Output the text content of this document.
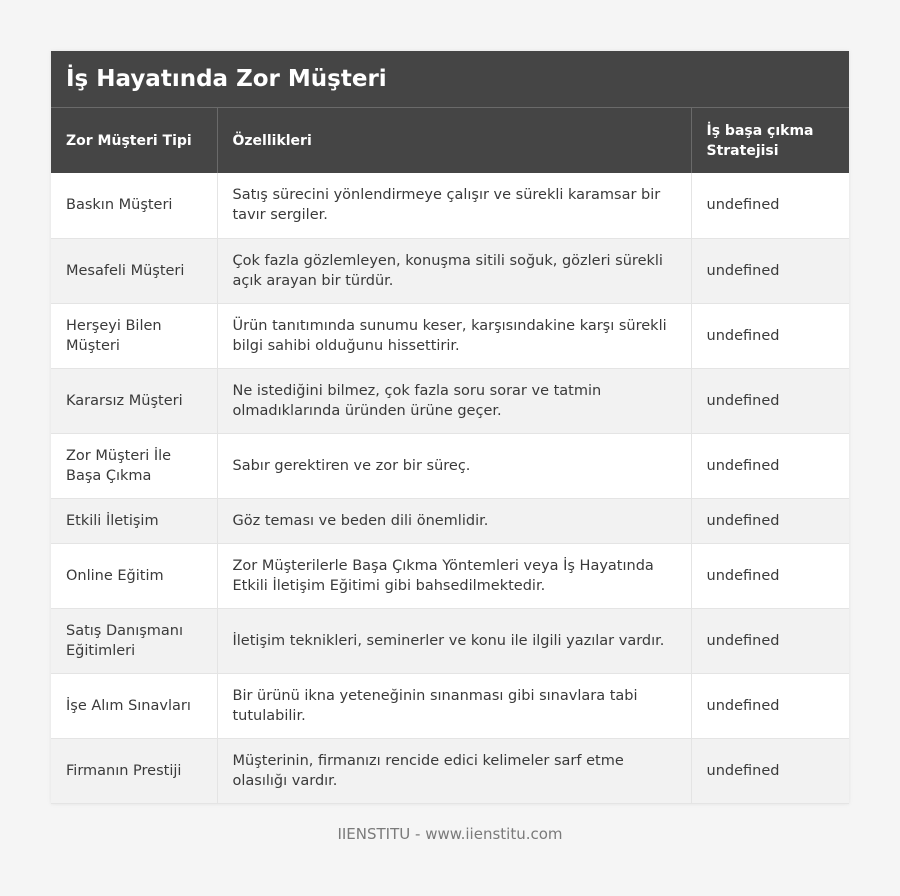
İş Hayatında Zor Müşteri
Zor Müşteri Tipi	Özellikleri	İş başa çıkma Stratejisi
Baskın Müşteri	Satış sürecini yönlendirmeye çalışır ve sürekli karamsar bir tavır sergiler.	undefined
Mesafeli Müşteri	Çok fazla gözlemleyen, konuşma sitili soğuk, gözleri sürekli açık arayan bir türdür.	undefined
Herşeyi Bilen Müşteri	Ürün tanıtımında sunumu keser, karşısındakine karşı sürekli bilgi sahibi olduğunu hissettirir.	undefined
Kararsız Müşteri	Ne istediğini bilmez, çok fazla soru sorar ve tatmin olmadıklarında üründen ürüne geçer.	undefined
Zor Müşteri İle Başa Çıkma	Sabır gerektiren ve zor bir süreç.	undefined
Etkili İletişim	Göz teması ve beden dili önemlidir.	undefined
Online Eğitim	Zor Müşterilerle Başa Çıkma Yöntemleri veya İş Hayatında Etkili İletişim Eğitimi gibi bahsedilmektedir.	undefined
Satış Danışmanı Eğitimleri	İletişim teknikleri, seminerler ve konu ile ilgili yazılar vardır.	undefined
İşe Alım Sınavları	Bir ürünü ikna yeteneğinin sınanması gibi sınavlara tabi tutulabilir.	undefined
Firmanın Prestiji	Müşterinin, firmanızı rencide edici kelimeler sarf etme olasılığı vardır.	undefined
IIENSTITU - www.iienstitu.com
